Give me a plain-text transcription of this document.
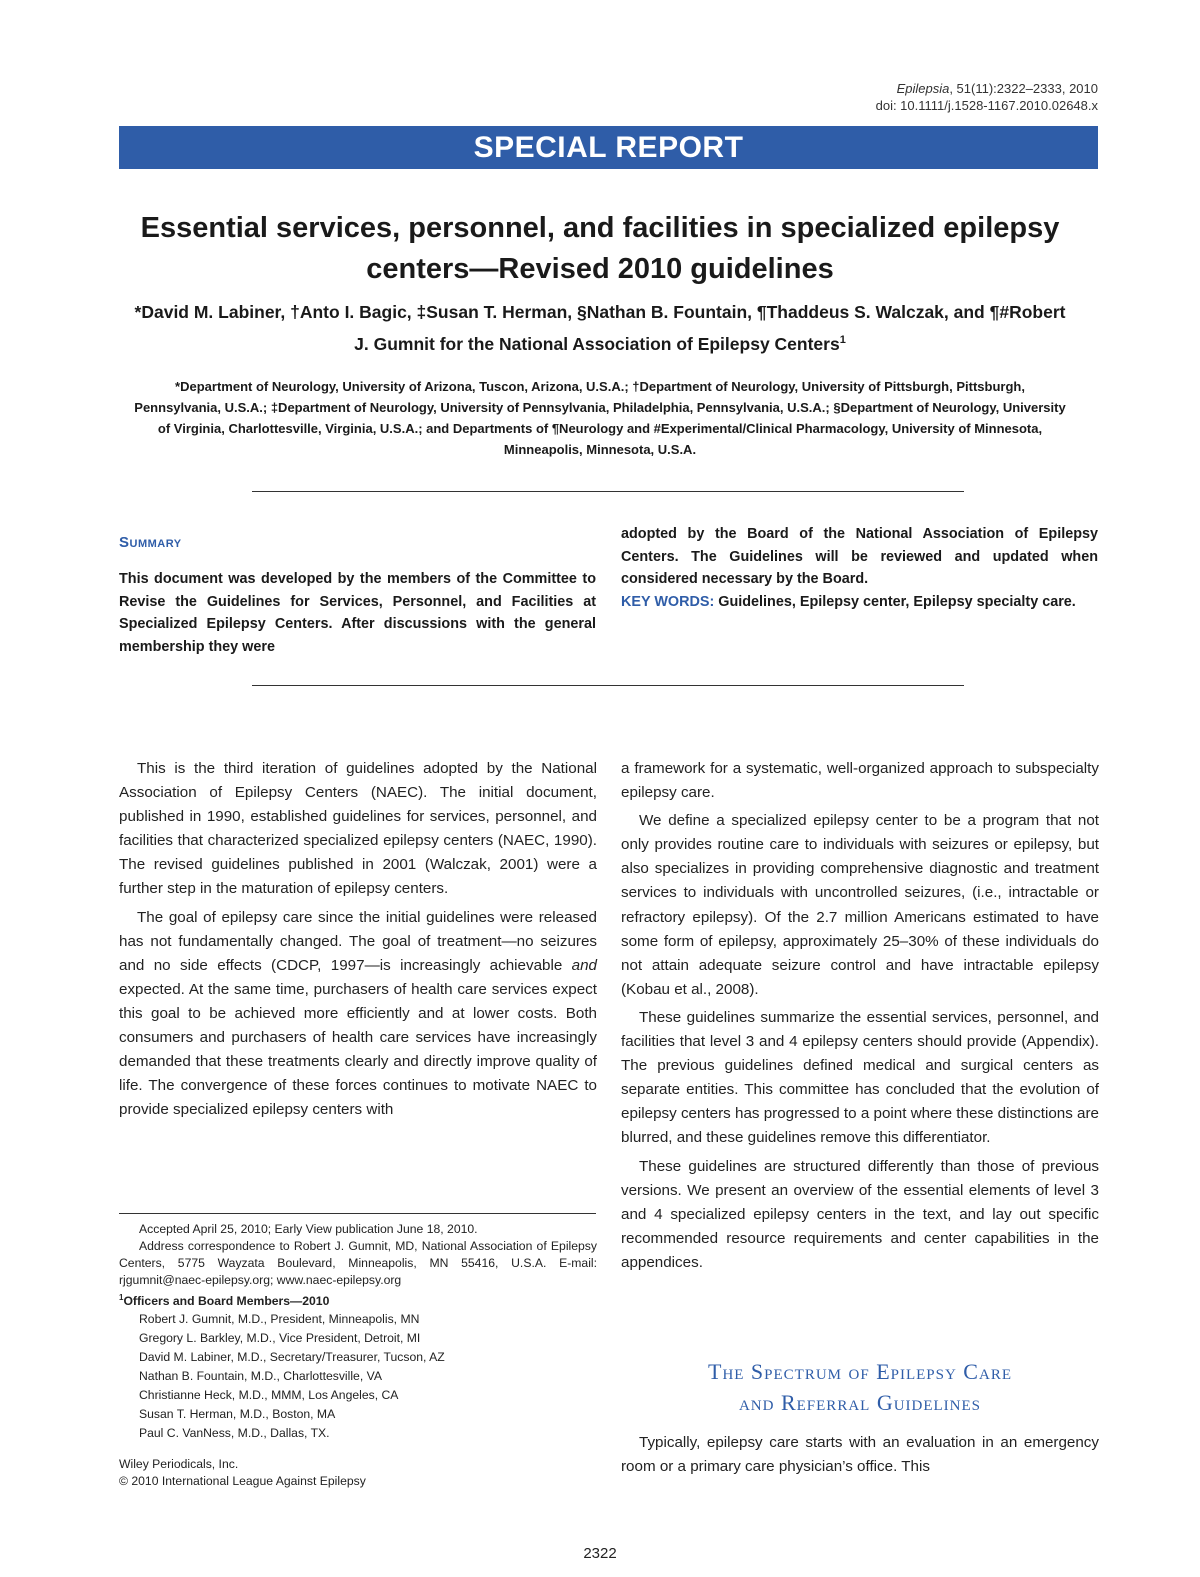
Epilepsia, 51(11):2322–2333, 2010
doi: 10.1111/j.1528-1167.2010.02648.x
SPECIAL REPORT
Essential services, personnel, and facilities in specialized epilepsy centers—Revised 2010 guidelines
*David M. Labiner, †Anto I. Bagic, ‡Susan T. Herman, §Nathan B. Fountain, ¶Thaddeus S. Walczak, and ¶#Robert J. Gumnit for the National Association of Epilepsy Centers$^1$
*Department of Neurology, University of Arizona, Tuscon, Arizona, U.S.A.; †Department of Neurology, University of Pittsburgh, Pittsburgh, Pennsylvania, U.S.A.; ‡Department of Neurology, University of Pennsylvania, Philadelphia, Pennsylvania, U.S.A.; §Department of Neurology, University of Virginia, Charlottesville, Virginia, U.S.A.; and Departments of ¶Neurology and #Experimental/Clinical Pharmacology, University of Minnesota, Minneapolis, Minnesota, U.S.A.
Summary
This document was developed by the members of the Committee to Revise the Guidelines for Services, Personnel, and Facilities at Specialized Epilepsy Centers. After discussions with the general membership they were
adopted by the Board of the National Association of Epilepsy Centers. The Guidelines will be reviewed and updated when considered necessary by the Board.
KEY WORDS: Guidelines, Epilepsy center, Epilepsy specialty care.

This is the third iteration of guidelines adopted by the National Association of Epilepsy Centers (NAEC). The initial document, published in 1990, established guidelines for services, personnel, and facilities that characterized specialized epilepsy centers (NAEC, 1990). The revised guidelines published in 2001 (Walczak, 2001) were a further step in the maturation of epilepsy centers.

The goal of epilepsy care since the initial guidelines were released has not fundamentally changed. The goal of treatment—no seizures and no side effects (CDCP, 1997—is increasingly achievable and expected. At the same time, purchasers of health care services expect this goal to be achieved more efficiently and at lower costs. Both consumers and purchasers of health care services have increasingly demanded that these treatments clearly and directly improve quality of life. The convergence of these forces continues to motivate NAEC to provide specialized epilepsy centers with

Accepted April 25, 2010; Early View publication June 18, 2010.

Address correspondence to Robert J. Gumnit, MD, National Association of Epilepsy Centers, 5775 Wayzata Boulevard, Minneapolis, MN 55416, U.S.A. E-mail: rjgumnit@naec-epilepsy.org; www.naec-epilepsy.org

$^1$Officers and Board Members—2010

Robert J. Gumnit, M.D., President, Minneapolis, MN
Gregory L. Barkley, M.D., Vice President, Detroit, MI
David M. Labiner, M.D., Secretary/Treasurer, Tucson, AZ
Nathan B. Fountain, M.D., Charlottesville, VA
Christianne Heck, M.D., MMM, Los Angeles, CA
Susan T. Herman, M.D., Boston, MA
Paul C. VanNess, M.D., Dallas, TX.

Wiley Periodicals, Inc.

© 2010 International League Against Epilepsy

a framework for a systematic, well-organized approach to subspecialty epilepsy care.

We define a specialized epilepsy center to be a program that not only provides routine care to individuals with seizures or epilepsy, but also specializes in providing comprehensive diagnostic and treatment services to individuals with uncontrolled seizures, (i.e., intractable or refractory epilepsy). Of the 2.7 million Americans estimated to have some form of epilepsy, approximately 25–30% of these individuals do not attain adequate seizure control and have intractable epilepsy (Kobau et al., 2008).

These guidelines summarize the essential services, personnel, and facilities that level 3 and 4 epilepsy centers should provide (Appendix). The previous guidelines defined medical and surgical centers as separate entities. This committee has concluded that the evolution of epilepsy centers has progressed to a point where these distinctions are blurred, and these guidelines remove this differentiator.

These guidelines are structured differently than those of previous versions. We present an overview of the essential elements of level 3 and 4 specialized epilepsy centers in the text, and lay out specific recommended resource requirements and center capabilities in the appendices.

The Spectrum of Epilepsy Care
and Referral Guidelines

Typically, epilepsy care starts with an evaluation in an emergency room or a primary care physician’s office. This

2322
